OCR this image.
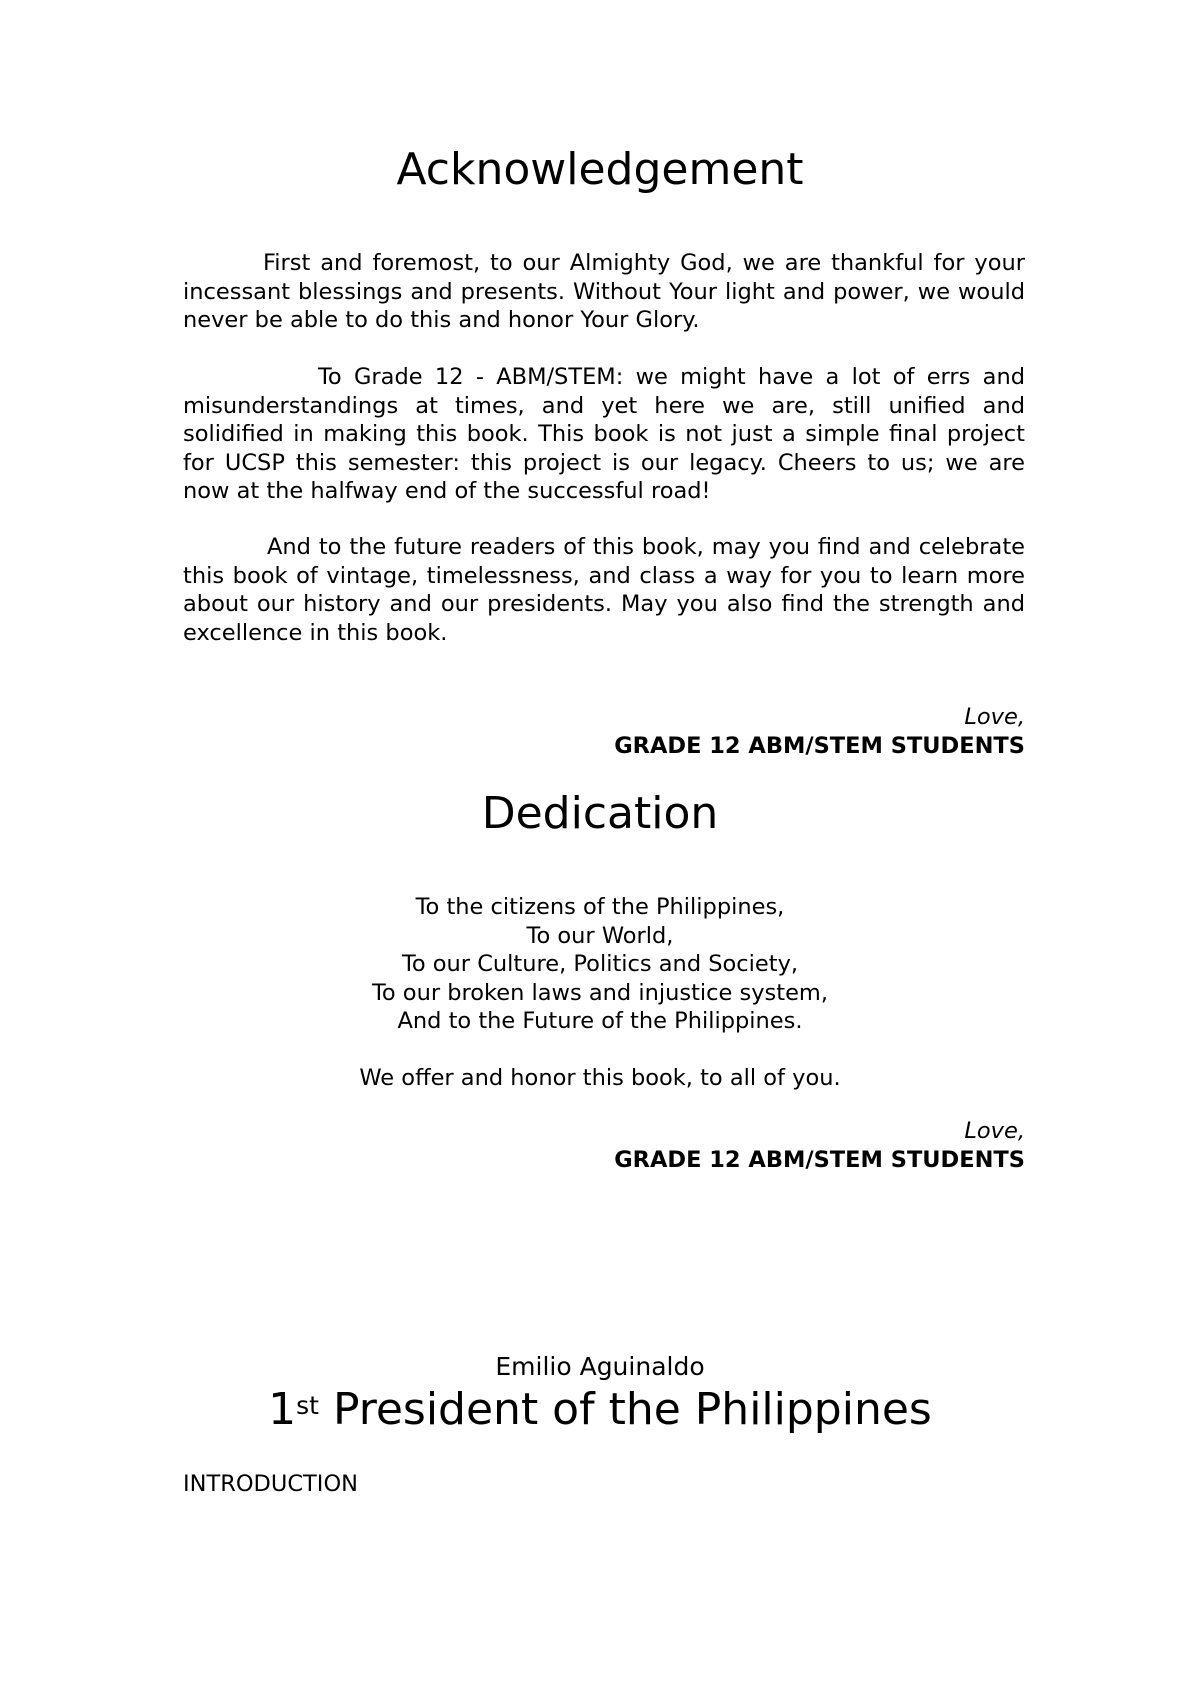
Acknowledgement

First and foremost, to our Almighty God, we are thankful for your incessant blessings and presents. Without Your light and power, we would never be able to do this and honor Your Glory.

To Grade 12 - ABM/STEM: we might have a lot of errs and misunderstandings at times, and yet here we are, still unified and solidified in making this book. This book is not just a simple final project for UCSP this semester: this project is our legacy. Cheers to us; we are now at the halfway end of the successful road!

And to the future readers of this book, may you find and celebrate this book of vintage, timelessness, and class a way for you to learn more about our history and our presidents. May you also find the strength and excellence in this book.

Love,
GRADE 12 ABM/STEM STUDENTS
Dedication
To the citizens of the Philippines,
To our World,
To our Culture, Politics and Society,
To our broken laws and injustice system,
And to the Future of the Philippines.
We offer and honor this book, to all of you.
Love,
GRADE 12 ABM/STEM STUDENTS
Emilio Aguinaldo
1st President of the Philippines
INTRODUCTION
